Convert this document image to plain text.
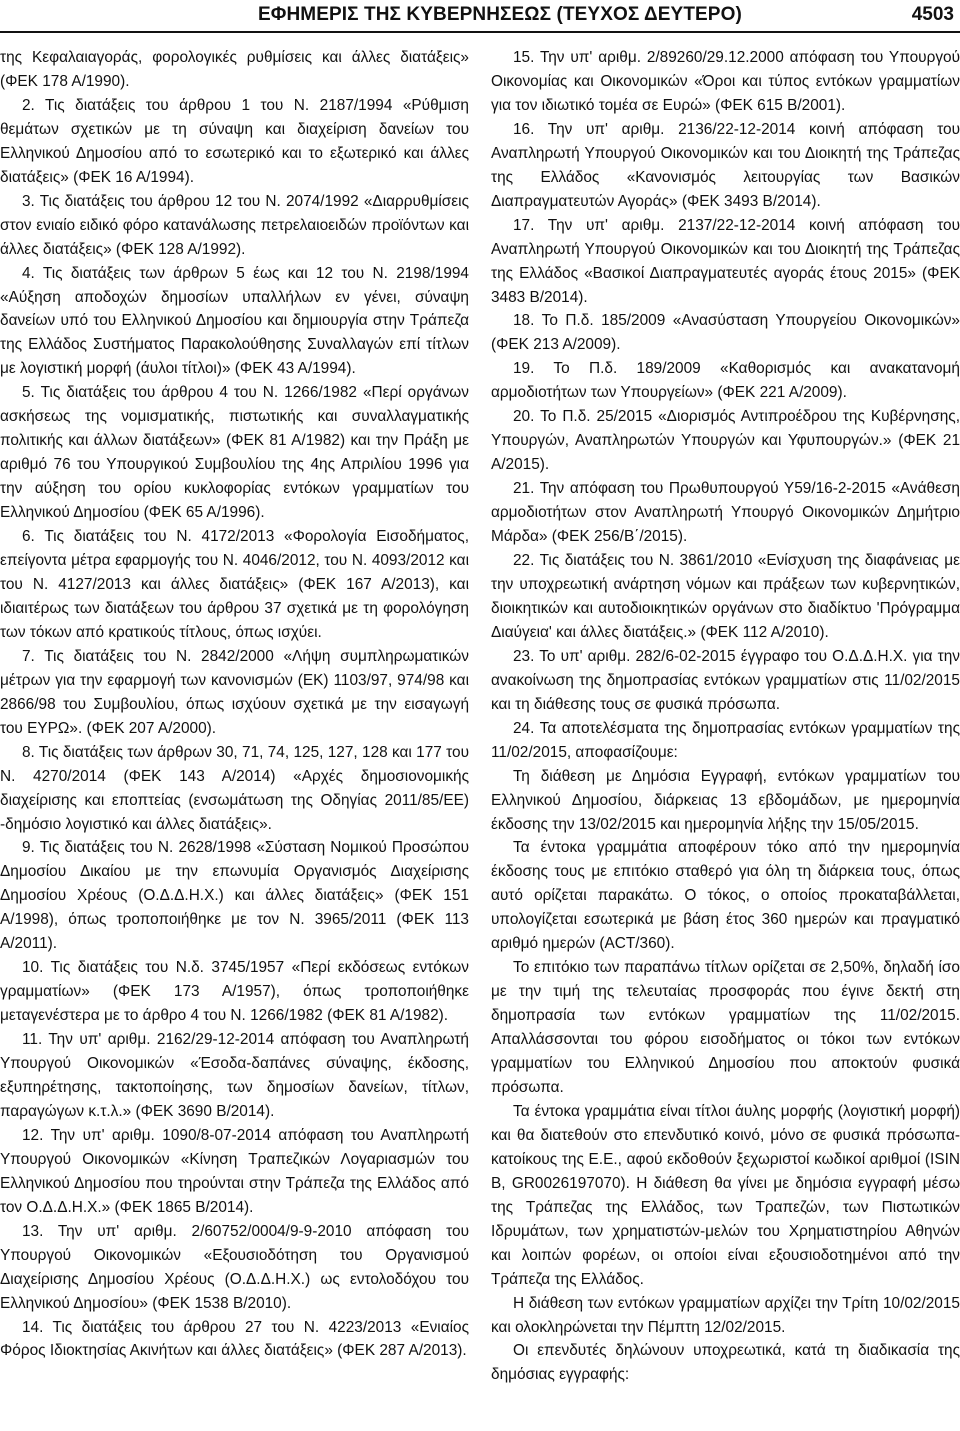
ΕΦΗΜΕΡΙΣ ΤΗΣ ΚΥΒΕΡΝΗΣΕΩΣ (ΤΕΥΧΟΣ ΔΕΥΤΕΡΟ)	4503

της Κεφαλαιαγοράς, φορολογικές ρυθμίσεις και άλλες διατάξεις» (ΦΕΚ 178 Α/1990).

2. Τις διατάξεις του άρθρου 1 του Ν. 2187/1994 «Ρύθμιση θεμάτων σχετικών με τη σύναψη και διαχείριση δανείων του Ελληνικού Δημοσίου από το εσωτερικό και το εξωτερικό και άλλες διατάξεις» (ΦΕΚ 16 Α/1994).

3. Τις διατάξεις του άρθρου 12 του Ν. 2074/1992 «Διαρρυθμίσεις στον ενιαίο ειδικό φόρο κατανάλωσης πετρελαιοειδών προϊόντων και άλλες διατάξεις» (ΦΕΚ 128 Α/1992).

4. Τις διατάξεις των άρθρων 5 έως και 12 του Ν. 2198/1994 «Αύξηση αποδοχών δημοσίων υπαλλήλων εν γένει, σύναψη δανείων υπό του Ελληνικού Δημοσίου και δημιουργία στην Τράπεζα της Ελλάδος Συστήματος Παρακολούθησης Συναλλαγών επί τίτλων με λογιστική μορφή (άυλοι τίτλοι)» (ΦΕΚ 43 Α/1994).

5. Τις διατάξεις του άρθρου 4 του Ν. 1266/1982 «Περί οργάνων ασκήσεως της νομισματικής, πιστωτικής και συναλλαγματικής πολιτικής και άλλων διατάξεων» (ΦΕΚ 81 Α/1982) και την Πράξη με αριθμό 76 του Υπουργικού Συμβουλίου της 4ης Απριλίου 1996 για την αύξηση του ορίου κυκλοφορίας εντόκων γραμματίων του Ελληνικού Δημοσίου (ΦΕΚ 65 Α/1996).

6. Τις διατάξεις του Ν. 4172/2013 «Φορολογία Εισοδήματος, επείγοντα μέτρα εφαρμογής του Ν. 4046/2012, του Ν. 4093/2012 και του Ν. 4127/2013 και άλλες διατάξεις» (ΦΕΚ 167 Α/2013), και ιδιαιτέρως των διατάξεων του άρθρου 37 σχετικά με τη φορολόγηση των τόκων από κρατικούς τίτλους, όπως ισχύει.

7. Τις διατάξεις του Ν. 2842/2000 «Λήψη συμπληρωματικών μέτρων για την εφαρμογή των κανονισμών (ΕΚ) 1103/97, 974/98 και 2866/98 του Συμβουλίου, όπως ισχύουν σχετικά με την εισαγωγή του ΕΥΡΩ». (ΦΕΚ 207 Α/2000).

8. Τις διατάξεις των άρθρων 30, 71, 74, 125, 127, 128 και 177 του Ν. 4270/2014 (ΦΕΚ 143 Α/2014) «Αρχές δημοσιονομικής διαχείρισης και εποπτείας (ενσωμάτωση της Οδηγίας 2011/85/ΕΕ) -δημόσιο λογιστικό και άλλες διατάξεις».

9. Τις διατάξεις του Ν. 2628/1998 «Σύσταση Νομικού Προσώπου Δημοσίου Δικαίου με την επωνυμία Οργανισμός Διαχείρισης Δημοσίου Χρέους (Ο.Δ.Δ.Η.Χ.) και άλλες διατάξεις» (ΦΕΚ 151 Α/1998), όπως τροποποιήθηκε με τον Ν. 3965/2011 (ΦΕΚ 113 Α/2011).

10. Τις διατάξεις του Ν.δ. 3745/1957 «Περί εκδόσεως εντόκων γραμματίων» (ΦΕΚ 173 Α/1957), όπως τροποποιήθηκε μεταγενέστερα με το άρθρο 4 του Ν. 1266/1982 (ΦΕΚ 81 Α/1982).

11. Την υπ' αριθμ. 2162/29-12-2014 απόφαση του Αναπληρωτή Υπουργού Οικονομικών «Έσοδα-δαπάνες σύναψης, έκδοσης, εξυπηρέτησης, τακτοποίησης, των δημοσίων δανείων, τίτλων, παραγώγων κ.τ.λ.» (ΦΕΚ 3690 Β/2014).

12. Την υπ' αριθμ. 1090/8-07-2014 απόφαση του Αναπληρωτή Υπουργού Οικονομικών «Κίνηση Τραπεζικών Λογαριασμών του Ελληνικού Δημοσίου που τηρούνται στην Τράπεζα της Ελλάδος από τον Ο.Δ.Δ.Η.Χ.» (ΦΕΚ 1865 Β/2014).

13. Την υπ' αριθμ. 2/60752/0004/9-9-2010 απόφαση του Υπουργού Οικονομικών «Εξουσιοδότηση του Οργανισμού Διαχείρισης Δημοσίου Χρέους (Ο.Δ.Δ.Η.Χ.) ως εντολοδόχου του Ελληνικού Δημοσίου» (ΦΕΚ 1538 Β/2010).

14. Τις διατάξεις του άρθρου 27 του Ν. 4223/2013 «Ενιαίος Φόρος Ιδιοκτησίας Ακινήτων και άλλες διατάξεις» (ΦΕΚ 287 Α/2013).

15. Την υπ' αριθμ. 2/89260/29.12.2000 απόφαση του Υπουργού Οικονομίας και Οικονομικών «Όροι και τύπος εντόκων γραμματίων για τον ιδιωτικό τομέα σε Ευρώ» (ΦΕΚ 615 Β/2001).

16. Την υπ' αριθμ. 2136/22-12-2014 κοινή απόφαση του Αναπληρωτή Υπουργού Οικονομικών και του Διοικητή της Τράπεζας της Ελλάδος «Κανονισμός λειτουργίας των Βασικών Διαπραγματευτών Αγοράς» (ΦΕΚ 3493 Β/2014).

17. Την υπ' αριθμ. 2137/22-12-2014 κοινή απόφαση του Αναπληρωτή Υπουργού Οικονομικών και του Διοικητή της Τράπεζας της Ελλάδος «Βασικοί Διαπραγματευτές αγοράς έτους 2015» (ΦΕΚ 3483 Β/2014).

18. Το Π.δ. 185/2009 «Ανασύσταση Υπουργείου Οικονομικών» (ΦΕΚ 213 Α/2009).

19. Το Π.δ. 189/2009 «Καθορισμός και ανακατανομή αρμοδιοτήτων των Υπουργείων» (ΦΕΚ 221 Α/2009).

20. Το Π.δ. 25/2015 «Διορισμός Αντιπροέδρου της Κυβέρνησης, Υπουργών, Αναπληρωτών Υπουργών και Υφυπουργών.» (ΦΕΚ 21 Α/2015).

21. Την απόφαση του Πρωθυπουργού Υ59/16-2-2015 «Ανάθεση αρμοδιοτήτων στον Αναπληρωτή Υπουργό Οικονομικών Δημήτριο Μάρδα» (ΦΕΚ 256/Β΄/2015).

22. Τις διατάξεις του Ν. 3861/2010 «Ενίσχυση της διαφάνειας με την υποχρεωτική ανάρτηση νόμων και πράξεων των κυβερνητικών, διοικητικών και αυτοδιοικητικών οργάνων στο διαδίκτυο 'Πρόγραμμα Διαύγεια' και άλλες διατάξεις.» (ΦΕΚ 112 Α/2010).

23. Το υπ' αριθμ. 282/6-02-2015 έγγραφο του Ο.Δ.Δ.Η.Χ. για την ανακοίνωση της δημοπρασίας εντόκων γραμματίων στις 11/02/2015 και τη διάθεσης τους σε φυσικά πρόσωπα.

24. Τα αποτελέσματα της δημοπρασίας εντόκων γραμματίων της 11/02/2015, αποφασίζουμε:

Τη διάθεση με Δημόσια Εγγραφή, εντόκων γραμματίων του Ελληνικού Δημοσίου, διάρκειας 13 εβδομάδων, με ημερομηνία έκδοσης την 13/02/2015 και ημερομηνία λήξης την 15/05/2015.

Τα έντοκα γραμμάτια αποφέρουν τόκο από την ημερομηνία έκδοσης τους με επιτόκιο σταθερό για όλη τη διάρκεια τους, όπως αυτό ορίζεται παρακάτω. Ο τόκος, ο οποίος προκαταβάλλεται, υπολογίζεται εσωτερικά με βάση έτος 360 ημερών και πραγματικό αριθμό ημερών (ACT/360).

Το επιτόκιο των παραπάνω τίτλων ορίζεται σε 2,50%, δηλαδή ίσο με την τιμή της τελευταίας προσφοράς που έγινε δεκτή στη δημοπρασία των εντόκων γραμματίων της 11/02/2015. Απαλλάσσονται του φόρου εισοδήματος οι τόκοι των εντόκων γραμματίων του Ελληνικού Δημοσίου που αποκτούν φυσικά πρόσωπα.

Τα έντοκα γραμμάτια είναι τίτλοι άυλης μορφής (λογιστική μορφή) και θα διατεθούν στο επενδυτικό κοινό, μόνο σε φυσικά πρόσωπα-κατοίκους της Ε.Ε., αφού εκδοθούν ξεχωριστοί κωδικοί αριθμοί (ISIN B, GR0026197070). Η διάθεση θα γίνει με δημόσια εγγραφή μέσω της Τράπεζας της Ελλάδος, των Τραπεζών, των Πιστωτικών Ιδρυμάτων, των χρηματιστών-μελών του Χρηματιστηρίου Αθηνών και λοιπών φορέων, οι οποίοι είναι εξουσιοδοτημένοι από την Τράπεζα της Ελλάδος.

Η διάθεση των εντόκων γραμματίων αρχίζει την Τρίτη 10/02/2015 και ολοκληρώνεται την Πέμπτη 12/02/2015.

Οι επενδυτές δηλώνουν υποχρεωτικά, κατά τη διαδικασία της δημόσιας εγγραφής:
